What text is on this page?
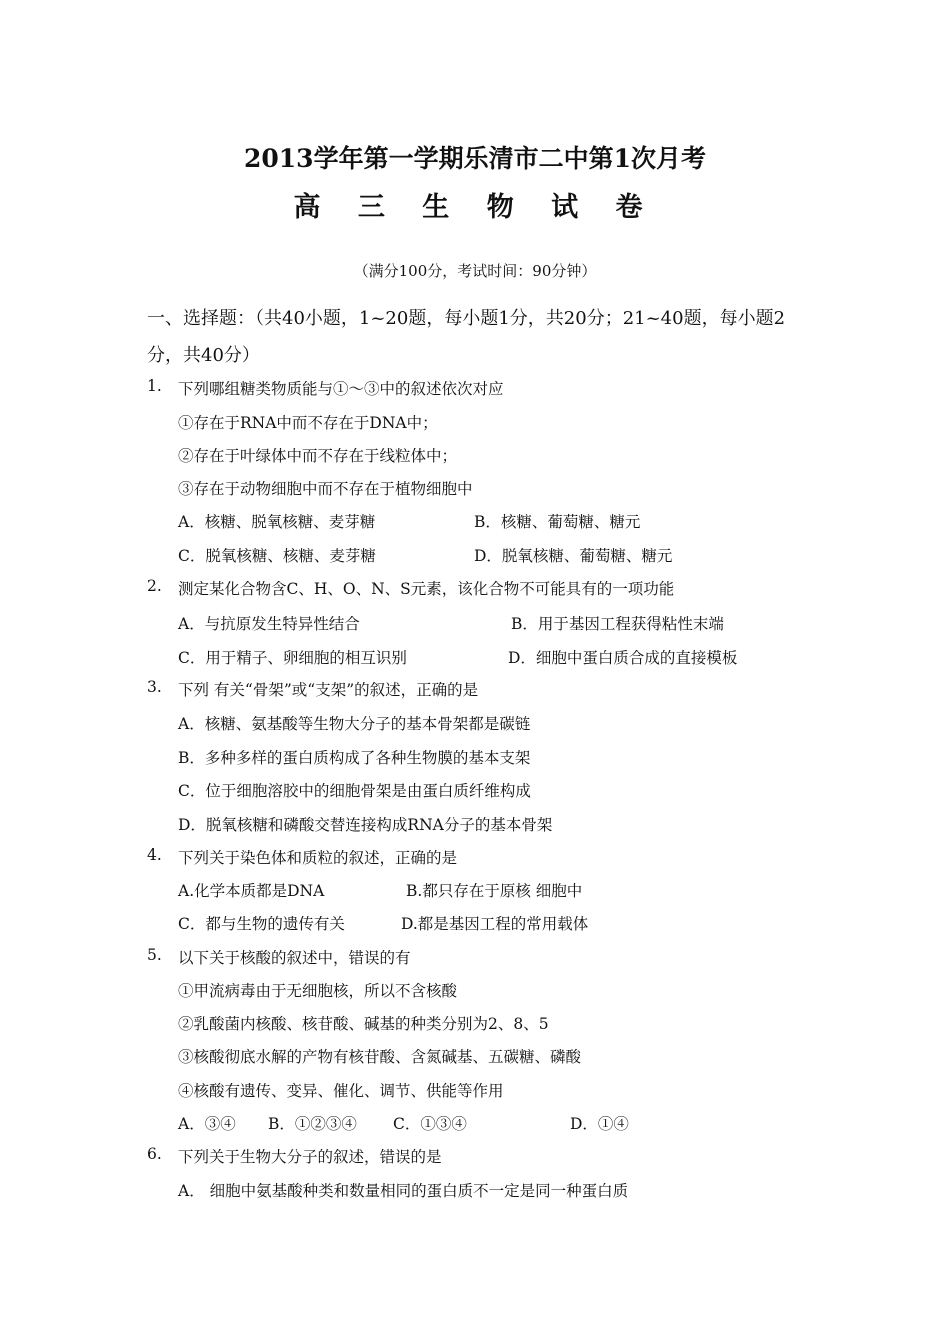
2013学年第一学期乐清市二中第1次月考
高 三 生 物 试 卷
（满分100分，考试时间：90分钟）
一、选择题：（共40小题，1~20题，每小题1分，共20分；21~40题，每小题2分，共40分）
1. 下列哪组糖类物质能与①～③中的叙述依次对应
①存在于RNA中而不存在于DNA中；
②存在于叶绿体中而不存在于线粒体中；
③存在于动物细胞中而不存在于植物细胞中
A．核糖、脱氧核糖、麦芽糖	B．核糖、葡萄糖、糖元
C．脱氧核糖、核糖、麦芽糖	D．脱氧核糖、葡萄糖、糖元
2. 测定某化合物含C、H、O、N、S元素，该化合物不可能具有的一项功能
A．与抗原发生特异性结合	B．用于基因工程获得粘性末端
C．用于精子、卵细胞的相互识别	D．细胞中蛋白质合成的直接模板
3. 下列 有关“骨架”或“支架”的叙述，正确的是
A．核糖、氨基酸等生物大分子的基本骨架都是碳链
B．多种多样的蛋白质构成了各种生物膜的基本支架
C．位于细胞溶胶中的细胞骨架是由蛋白质纤维构成
D．脱氧核糖和磷酸交替连接构成RNA分子的基本骨架
4. 下列关于染色体和质粒的叙述，正确的是
A.化学本质都是DNA	B.都只存在于原核 细胞中
C．都与生物的遗传有关	D.都是基因工程的常用载体
5. 以下关于核酸的叙述中，错误的有
①甲流病毒由于无细胞核，所以不含核酸
②乳酸菌内核酸、核苷酸、碱基的种类分别为2、8、5
③核酸彻底水解的产物有核苷酸、含氮碱基、五碳糖、磷酸
④核酸有遗传、变异、催化、调节、供能等作用
A．③④ B．①②③④ C．①③④	D．①④
6. 下列关于生物大分子的叙述，错误的是
A． 细胞中氨基酸种类和数量相同的蛋白质不一定是同一种蛋白质
